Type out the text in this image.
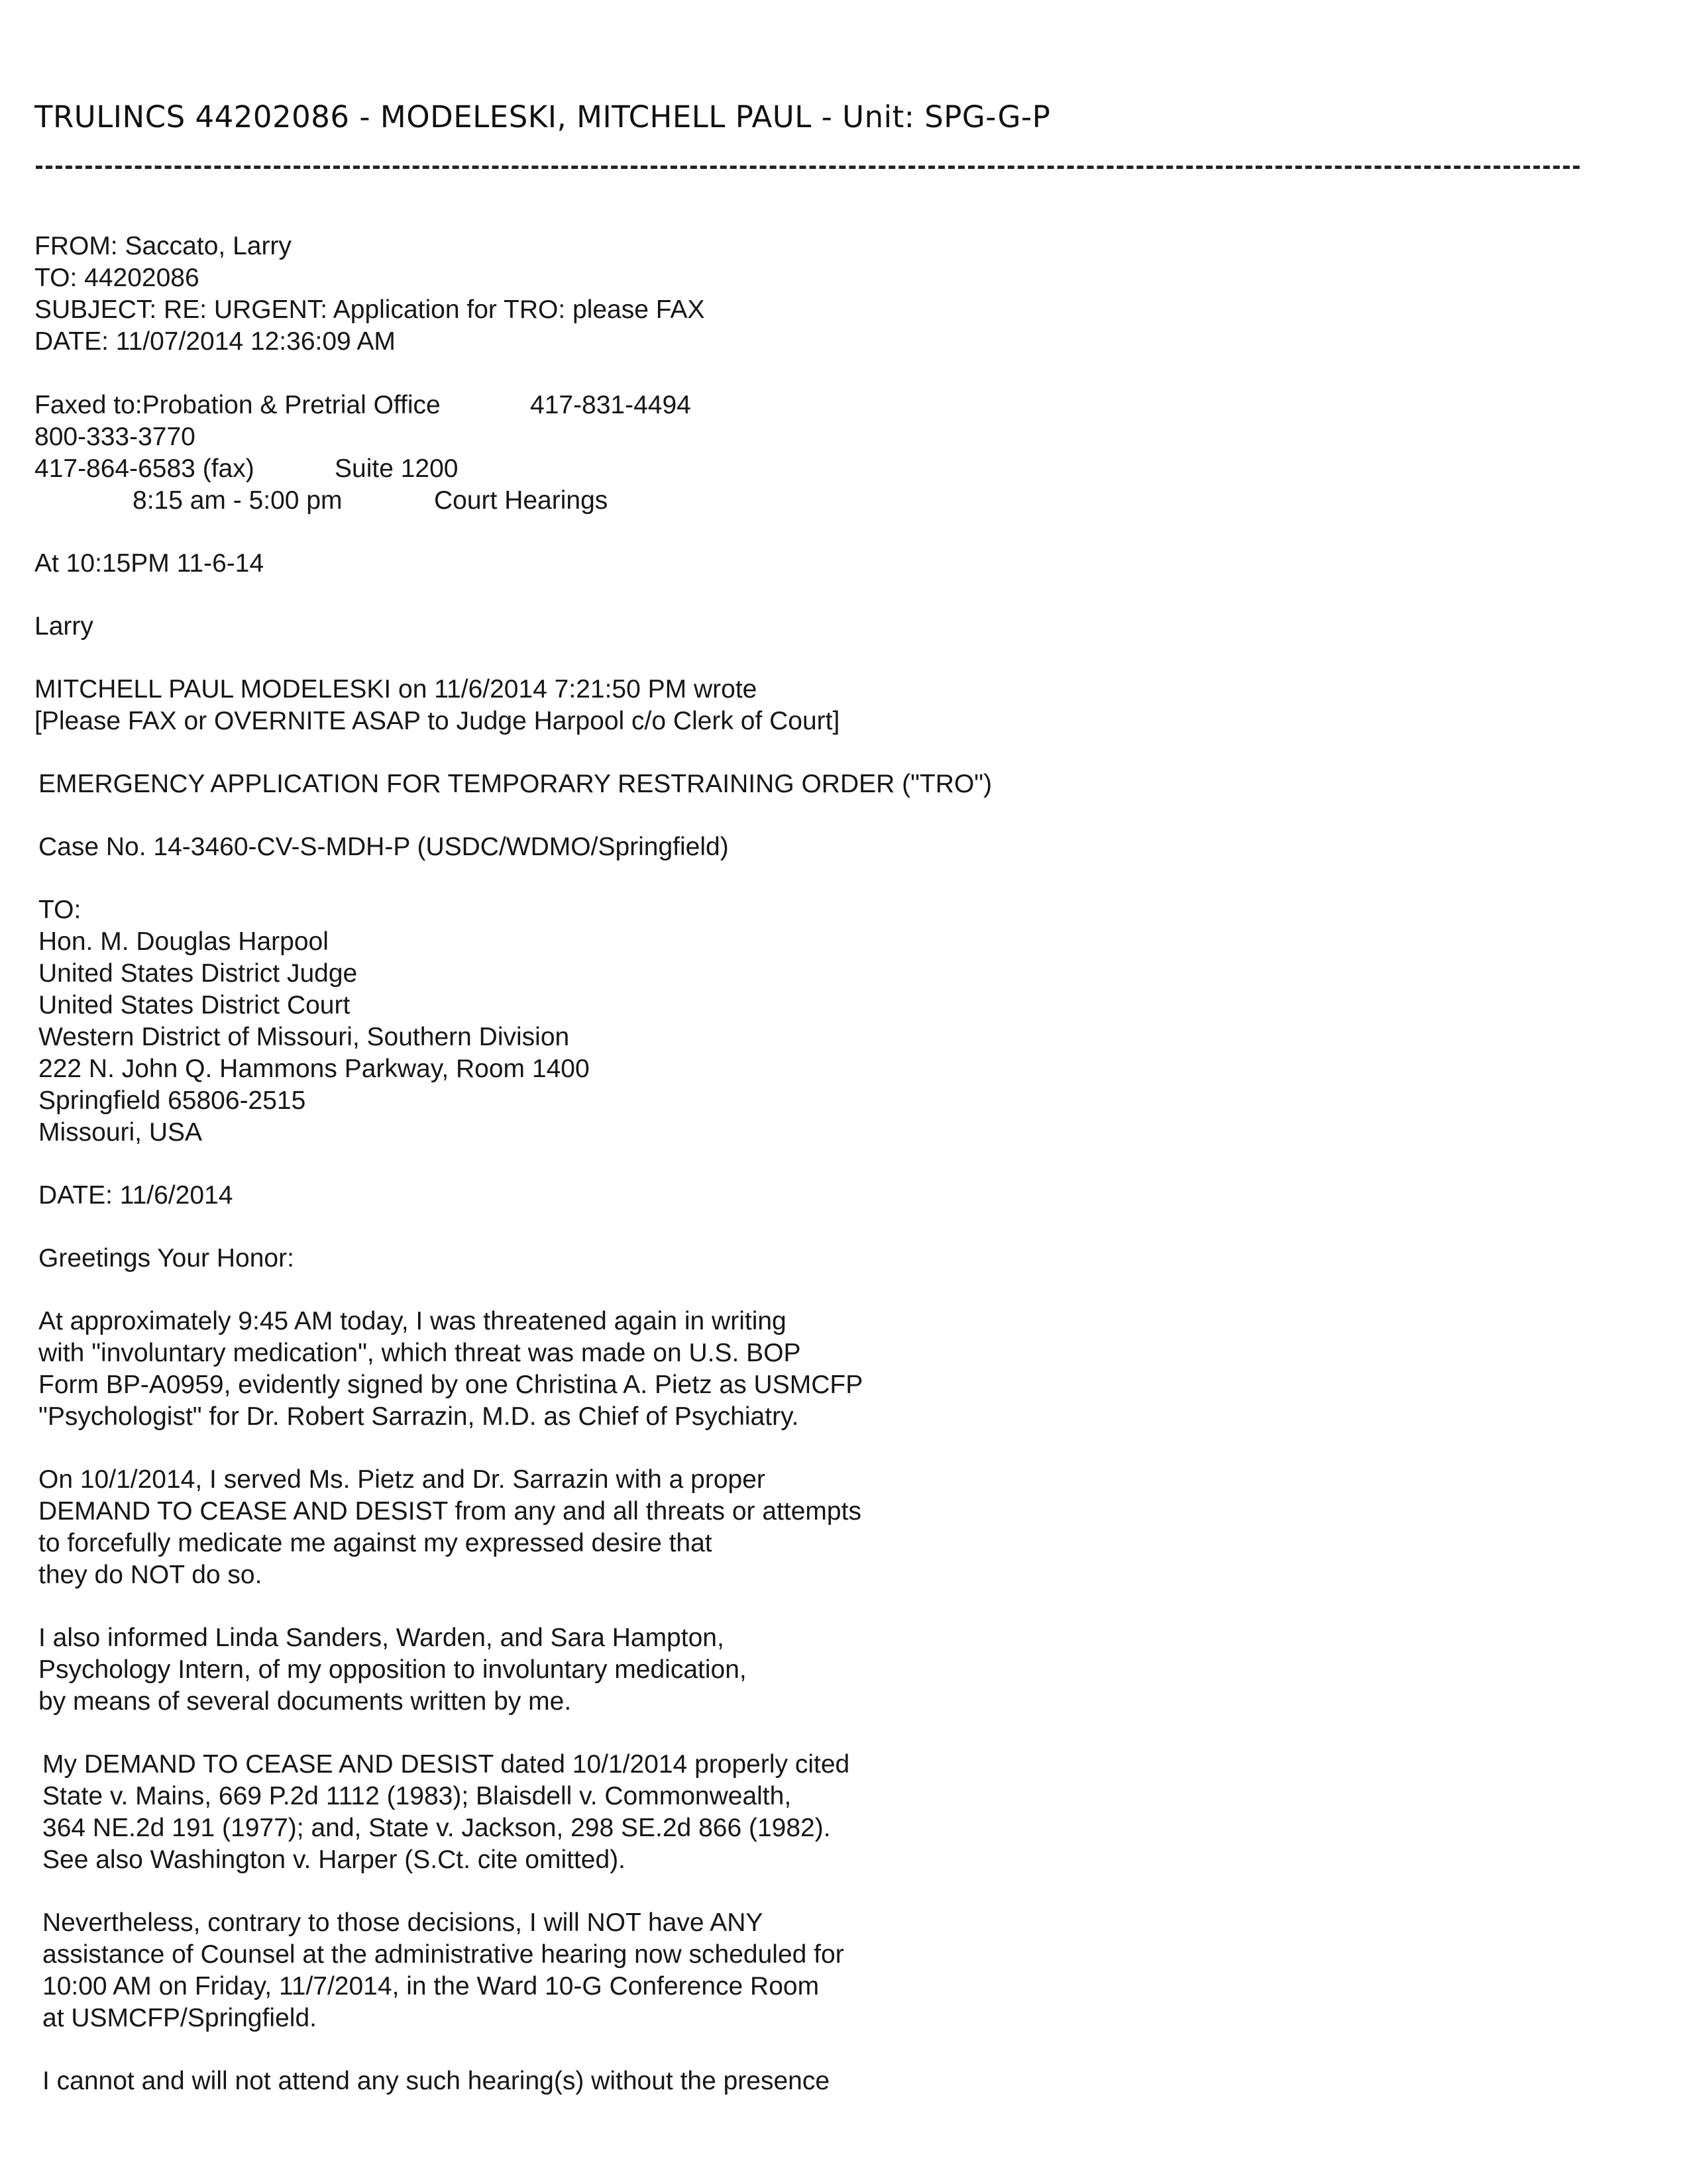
TRULINCS 44202086 - MODELESKI, MITCHELL PAUL - Unit: SPG-G-P
FROM: Saccato, Larry
TO: 44202086
SUBJECT: RE: URGENT: Application for TRO: please FAX
DATE: 11/07/2014 12:36:09 AM
Faxed to:Probation & Pretrial Office	417-831-4494
800-333-3770
417-864-6583 (fax)	Suite 1200
8:15 am - 5:00 pm	Court Hearings
At 10:15PM 11-6-14
Larry
MITCHELL PAUL MODELESKI on 11/6/2014 7:21:50 PM wrote
[Please FAX or OVERNITE ASAP to Judge Harpool c/o Clerk of Court]
EMERGENCY APPLICATION FOR TEMPORARY RESTRAINING ORDER ("TRO")
Case No. 14-3460-CV-S-MDH-P (USDC/WDMO/Springfield)
TO:
Hon. M. Douglas Harpool
United States District Judge
United States District Court
Western District of Missouri, Southern Division
222 N. John Q. Hammons Parkway, Room 1400
Springfield 65806-2515
Missouri, USA
DATE: 11/6/2014
Greetings Your Honor:
At approximately 9:45 AM today, I was threatened again in writing
with "involuntary medication", which threat was made on U.S. BOP
Form BP-A0959, evidently signed by one Christina A. Pietz as USMCFP
"Psychologist" for Dr. Robert Sarrazin, M.D. as Chief of Psychiatry.
On 10/1/2014, I served Ms. Pietz and Dr. Sarrazin with a proper
DEMAND TO CEASE AND DESIST from any and all threats or attempts
to forcefully medicate me against my expressed desire that
they do NOT do so.
I also informed Linda Sanders, Warden, and Sara Hampton,
Psychology Intern, of my opposition to involuntary medication,
by means of several documents written by me.
My DEMAND TO CEASE AND DESIST dated 10/1/2014 properly cited
State v. Mains, 669 P.2d 1112 (1983); Blaisdell v. Commonwealth,
364 NE.2d 191 (1977); and, State v. Jackson, 298 SE.2d 866 (1982).
See also Washington v. Harper (S.Ct. cite omitted).
Nevertheless, contrary to those decisions, I will NOT have ANY
assistance of Counsel at the administrative hearing now scheduled for
10:00 AM on Friday, 11/7/2014, in the Ward 10-G Conference Room
at USMCFP/Springfield.
I cannot and will not attend any such hearing(s) without the presence
